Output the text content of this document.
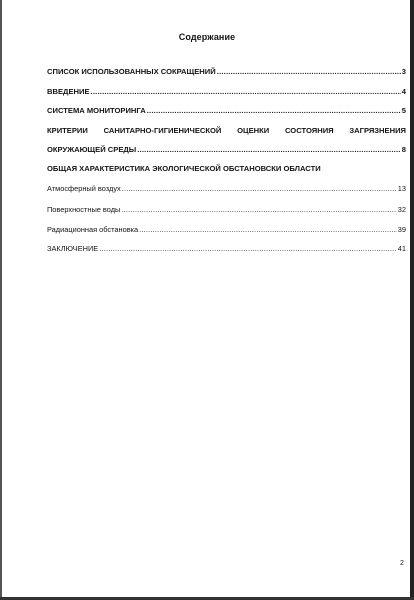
Содержание
СПИСОК ИСПОЛЬЗОВАННЫХ СОКРАЩЕНИЙ .....	3
ВВЕДЕНИЕ .....	4
СИСТЕМА МОНИТОРИНГА .....	5
КРИТЕРИИ САНИТАРНО-ГИГИЕНИЧЕСКОЙ ОЦЕНКИ СОСТОЯНИЯ ЗАГРЯЗНЕНИЯ
ОКРУЖАЮЩЕЙ СРЕДЫ .....	8
ОБЩАЯ ХАРАКТЕРИСТИКА ЭКОЛОГИЧЕСКОЙ ОБСТАНОВСКИ ОБЛАСТИ
Атмосферный воздух .....	13
Поверхностные воды .....	32
Радиационная обстановка .....	39
ЗАКЛЮЧЕНИЕ .....	41
2
